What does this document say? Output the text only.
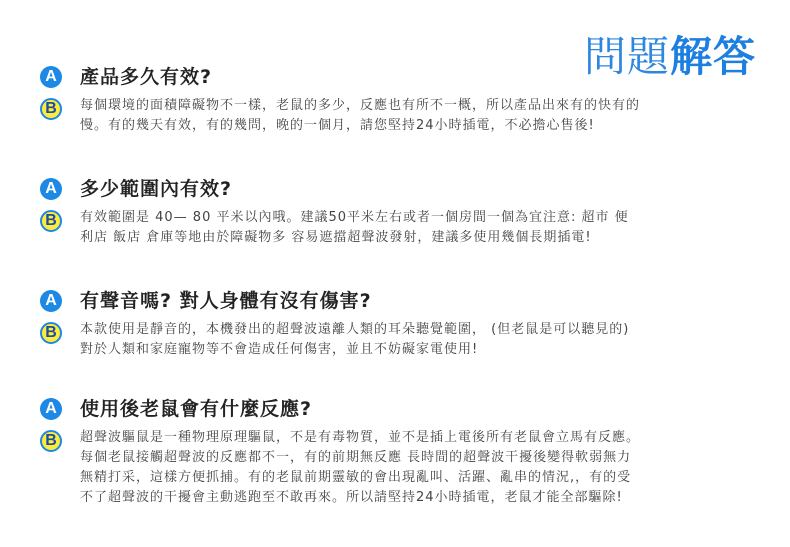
問題解答
A 產品多久有效?
B	每個環境的面積障礙物不一樣，老鼠的多少，反應也有所不一概，所以產品出來有的快有的
慢。有的幾天有效，有的幾問，晚的一個月，請您堅持24小時插電，不必擔心售後!
A 多少範圍內有效?
B	有效範圍是 40— 80 平米以內哦。建議50平米左右或者一個房間一個為宜注意: 超市 便
利店 飯店 倉庫等地由於障礙物多 容易遮擋超聲波發射，建議多使用幾個長期插電!
A 有聲音嗎? 對人身體有沒有傷害?
B	本款使用是靜音的，本機發出的超聲波遠離人類的耳朵聽覺範圍， (但老鼠是可以聽見的)
對於人類和家庭寵物等不會造成任何傷害，並且不妨礙家電使用!
A 使用後老鼠會有什麼反應?
B	超聲波驅鼠是一種物理原理驅鼠，不是有毒物質，並不是插上電後所有老鼠會立馬有反應。
每個老鼠接觸超聲波的反應都不一，有的前期無反應 長時間的超聲波干擾後變得軟弱無力
無精打采，這樣方便抓捕。有的老鼠前期靈敏的會出現亂叫、活躍、亂串的情況,，有的受
不了超聲波的干擾會主動逃跑至不敢再來。所以請堅持24小時插電，老鼠才能全部驅除!
